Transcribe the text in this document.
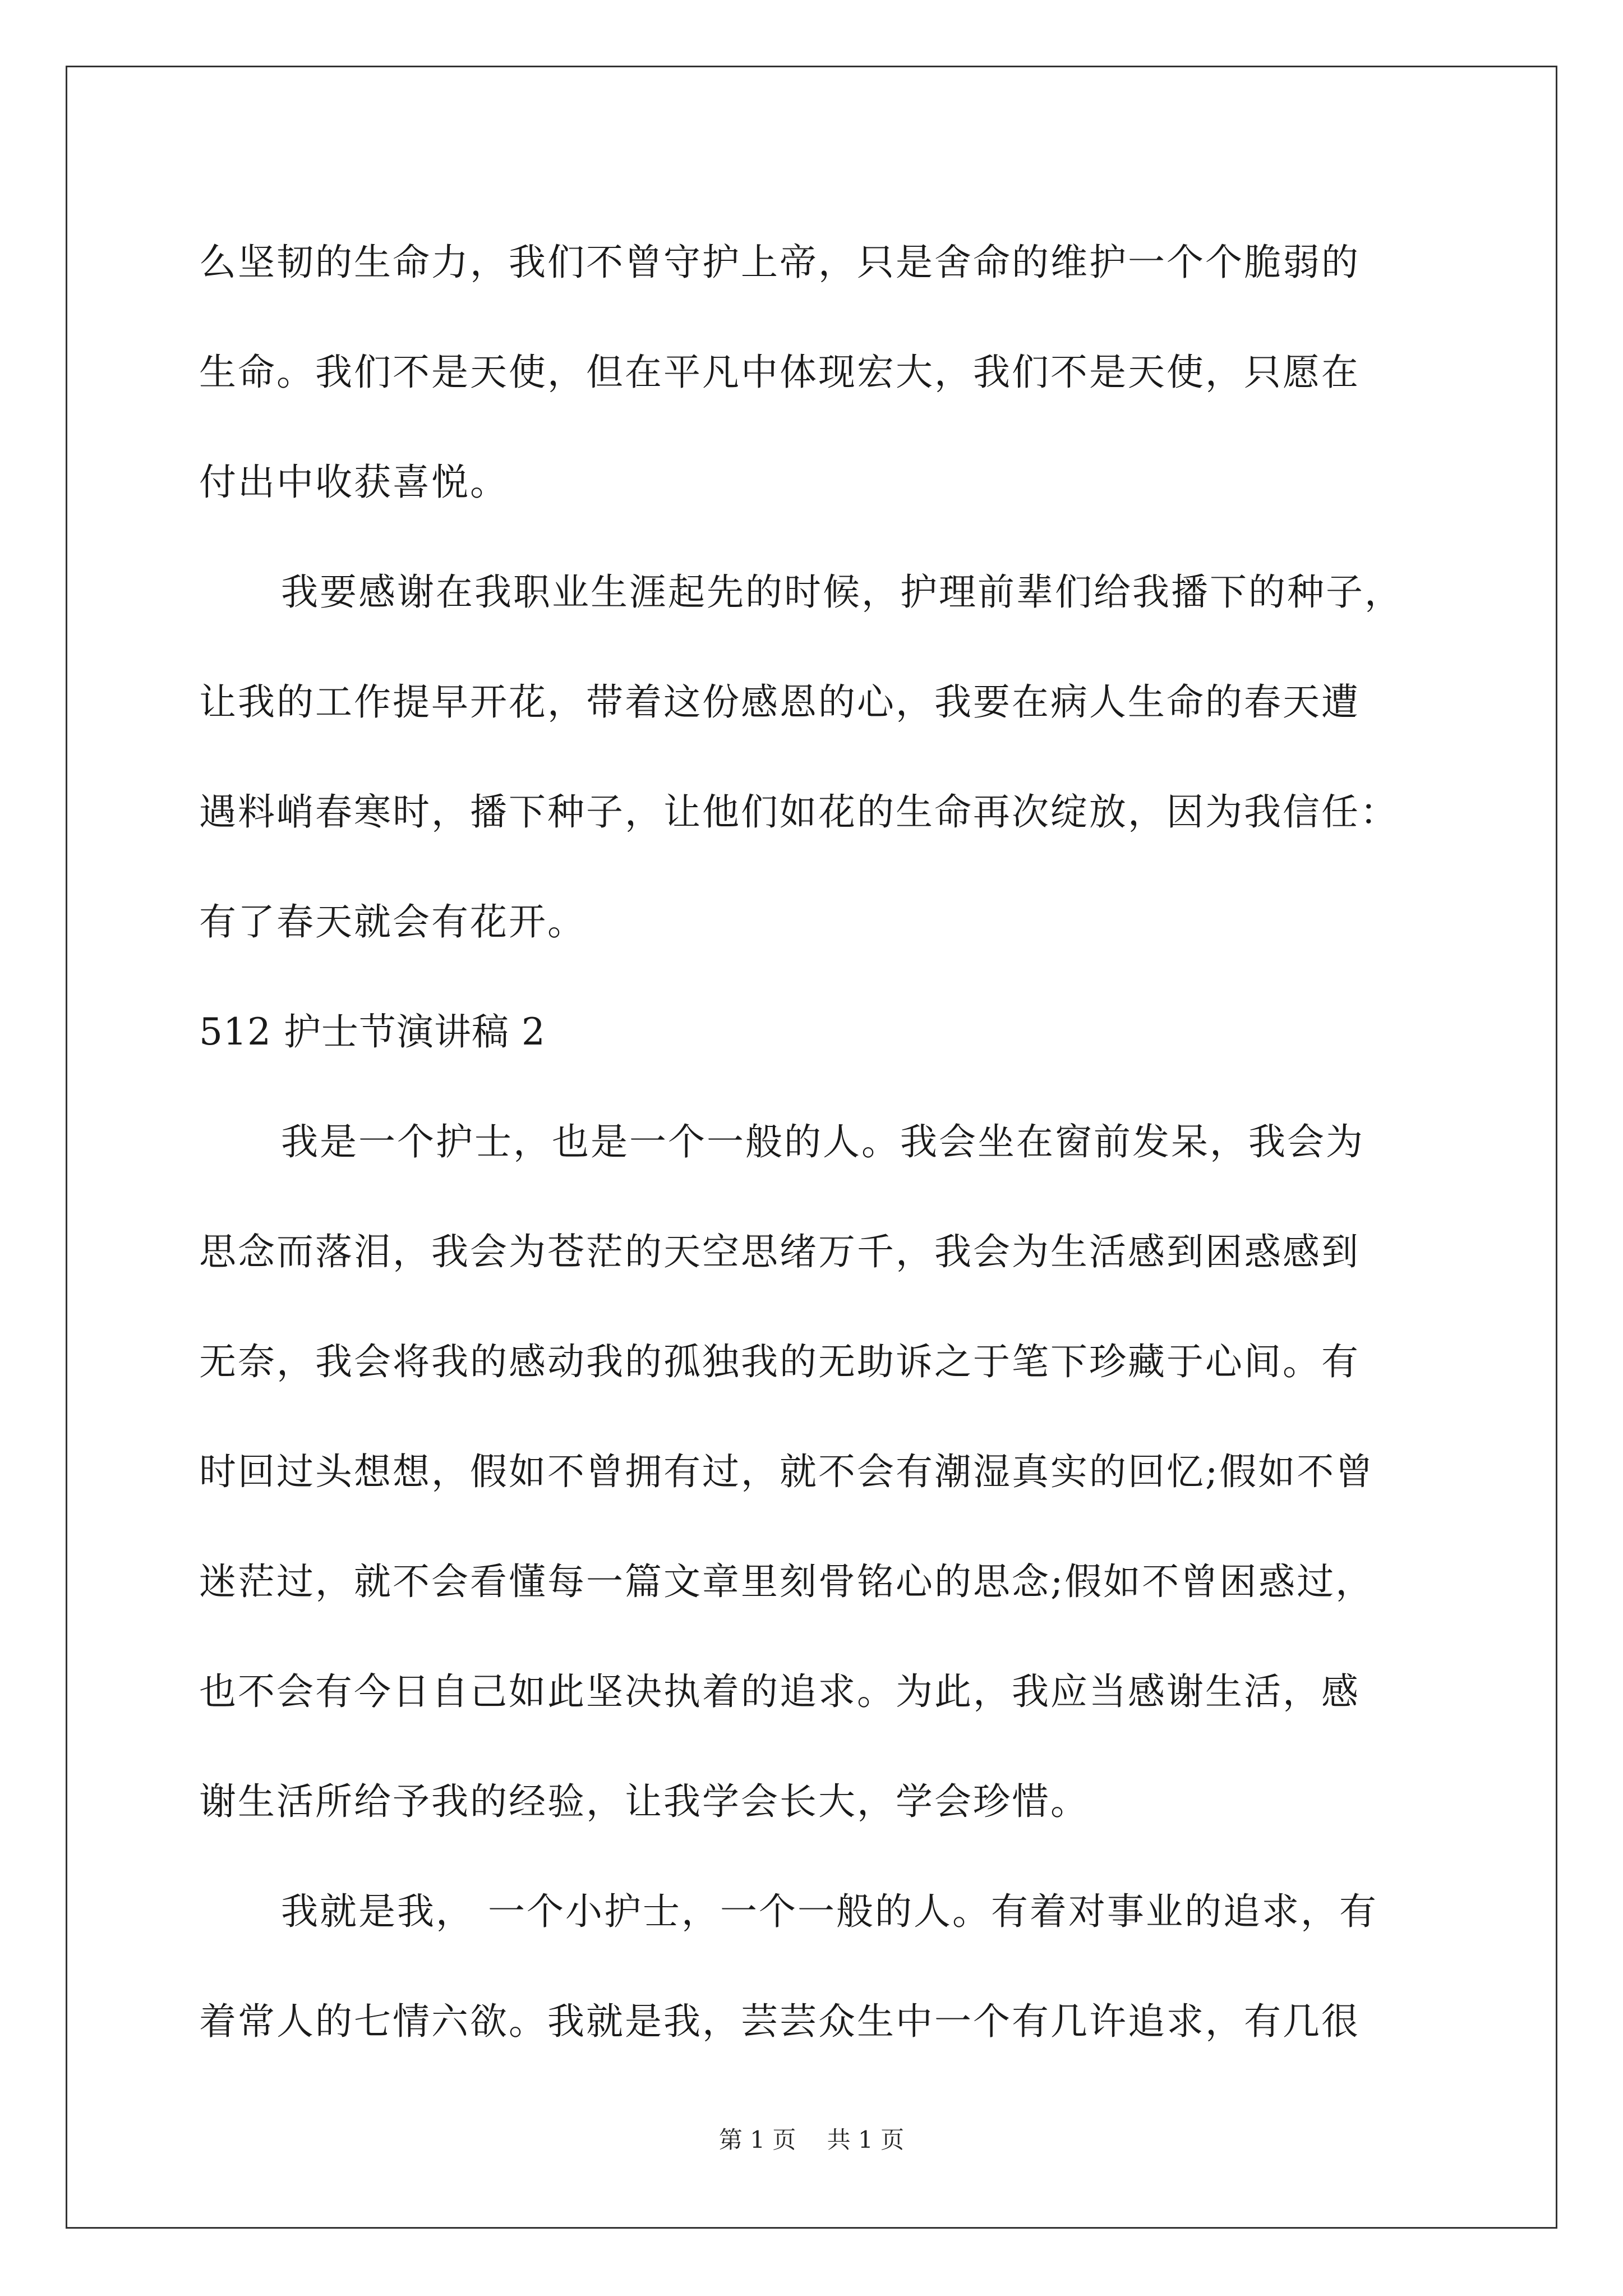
么坚韧的生命力，我们不曾守护上帝，只是舍命的维护一个个脆弱的
生命。我们不是天使，但在平凡中体现宏大，我们不是天使，只愿在
付出中收获喜悦。
我要感谢在我职业生涯起先的时候，护理前辈们给我播下的种子，
让我的工作提早开花，带着这份感恩的心，我要在病人生命的春天遭
遇料峭春寒时，播下种子，让他们如花的生命再次绽放，因为我信任：
有了春天就会有花开。
512 护士节演讲稿 2
我是一个护士，也是一个一般的人。我会坐在窗前发呆，我会为
思念而落泪，我会为苍茫的天空思绪万千，我会为生活感到困惑感到
无奈，我会将我的感动我的孤独我的无助诉之于笔下珍藏于心间。有
时回过头想想，假如不曾拥有过，就不会有潮湿真实的回忆;假如不曾
迷茫过，就不会看懂每一篇文章里刻骨铭心的思念;假如不曾困惑过，
也不会有今日自己如此坚决执着的追求。为此，我应当感谢生活，感
谢生活所给予我的经验，让我学会长大，学会珍惜。
我就是我， 一个小护士，一个一般的人。有着对事业的追求，有
着常人的七情六欲。我就是我，芸芸众生中一个有几许追求，有几很
第 1 页　 共 1 页
